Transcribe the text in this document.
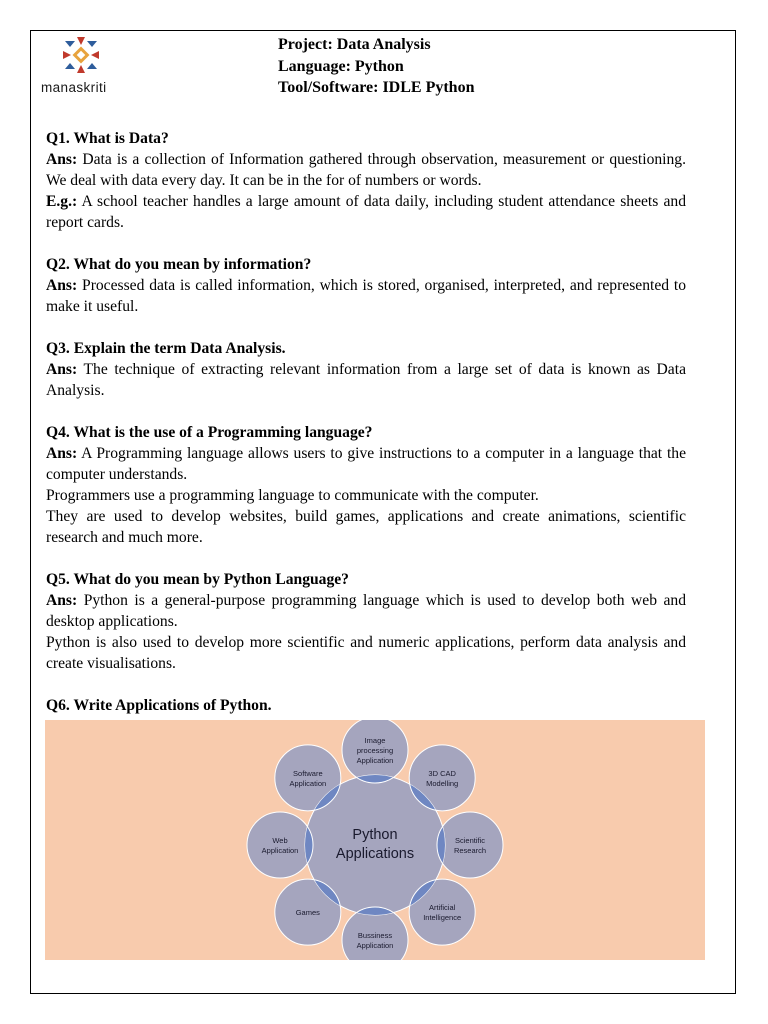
manaskriti
Project: Data Analysis
Language: Python
Tool/Software: IDLE Python
Q1. What is Data?

Ans: Data is a collection of Information gathered through observation, measurement or questioning. We deal with data every day. It can be in the for of numbers or words.

E.g.: A school teacher handles a large amount of data daily, including student attendance sheets and report cards.

Q2. What do you mean by information?

Ans: Processed data is called information, which is stored, organised, interpreted, and represented to make it useful.

Q3. Explain the term Data Analysis.

Ans: The technique of extracting relevant information from a large set of data is known as Data Analysis.

Q4. What is the use of a Programming language?

Ans: A Programming language allows users to give instructions to a computer in a language that the computer understands.

Programmers use a programming language to communicate with the computer.

They are used to develop websites, build games, applications and create animations, scientific research and much more.

Q5. What do you mean by Python Language?

Ans: Python is a general-purpose programming language which is used to develop both web and desktop applications.

Python is also used to develop more scientific and numeric applications, perform data analysis and create visualisations.

Q6. Write Applications of Python.
Python
Applications
Image
processing
Application
3D CAD
Modelling
Scientific
Research
Artificial
Intelligence
Bussiness
Application
Games
Web
Application
Software
Application
